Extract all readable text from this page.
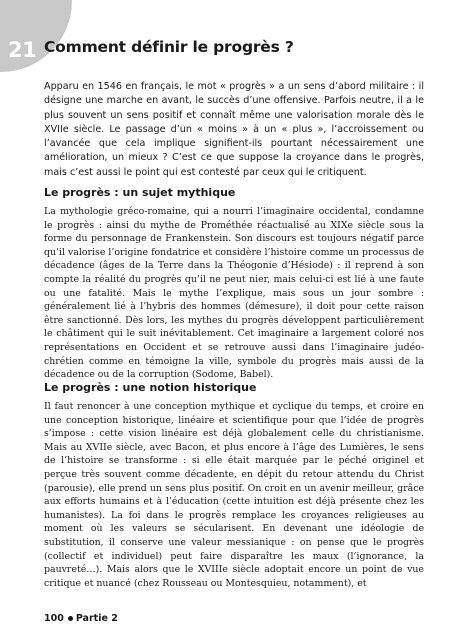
21 Comment définir le progrès ?

Apparu en 1546 en français, le mot « progrès » a un sens d’abord militaire : il désigne une marche en avant, le succès d’une offensive. Parfois neutre, il a le plus souvent un sens positif et connaît même une valorisation morale dès le XVIIe siècle. Le passage d’un « moins » à un « plus », l’accroissement ou l’avancée que cela implique signifient-ils pourtant nécessairement une amélioration, un mieux ? C’est ce que suppose la croyance dans le progrès, mais c’est aussi le point qui est contesté par ceux qui le critiquent.

Le progrès : un sujet mythique

La mythologie gréco-romaine, qui a nourri l’imaginaire occidental, condamne le progrès : ainsi du mythe de Prométhée réactualisé au XIXe siècle sous la forme du personnage de Frankenstein. Son discours est toujours négatif parce qu’il valorise l’origine fondatrice et considère l’histoire comme un processus de décadence (âges de la Terre dans la Théogonie d’Hésiode) : il reprend à son compte la réalité du progrès qu’il ne peut nier, mais celui-ci est lié à une faute ou une fatalité. Mais le mythe l’explique, mais sous un jour sombre : généralement lié à l’hybris des hommes (démesure), il doit pour cette raison être sanctionné. Dès lors, les mythes du progrès développent particulièrement le châtiment qui le suit inévitablement. Cet imaginaire a largement coloré nos représentations en Occident et se retrouve aussi dans l’imaginaire judéo-chrétien comme en témoigne la ville, symbole du progrès mais aussi de la décadence ou de la corruption (Sodome, Babel).

Le progrès : une notion historique

Il faut renoncer à une conception mythique et cyclique du temps, et croire en une conception historique, linéaire et scientifique pour que l’idée de progrès s’impose : cette vision linéaire est déjà globalement celle du christianisme. Mais au XVIIe siècle, avec Bacon, et plus encore à l’âge des Lumières, le sens de l’histoire se transforme : si elle était marquée par le péché originel et perçue très souvent comme décadente, en dépit du retour attendu du Christ (parousie), elle prend un sens plus positif. On croit en un avenir meilleur, grâce aux efforts humains et à l’éducation (cette intuition est déjà présente chez les humanistes). La foi dans le progrès remplace les croyances religieuses au moment où les valeurs se sécularisent. En devenant une idéologie de substitution, il conserve une valeur messianique : on pense que le progrès (collectif et individuel) peut faire disparaître les maux (l’ignorance, la pauvreté…). Mais alors que le XVIIIe siècle adoptait encore un point de vue critique et nuancé (chez Rousseau ou Montesquieu, notamment), et

100 Partie 2
